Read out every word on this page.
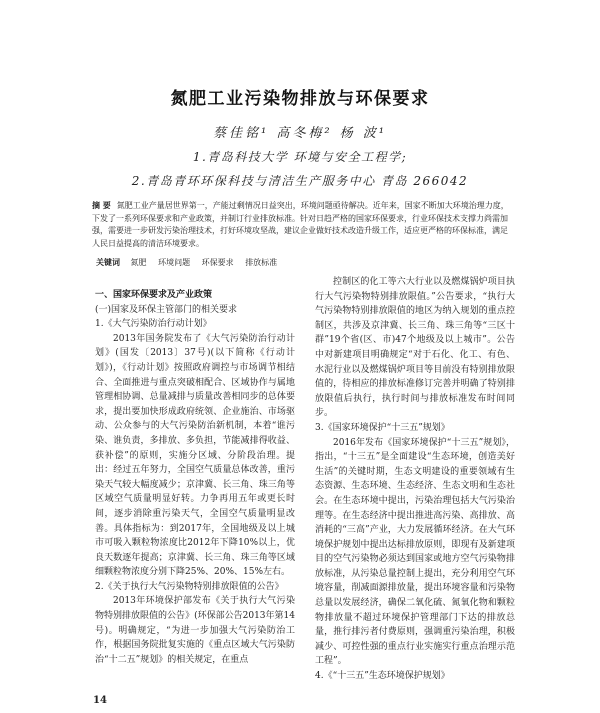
氮肥工业污染物排放与环保要求
蔡佳铭¹ 高冬梅² 杨 波¹
1.青岛科技大学 环境与安全工程学;
2.青岛青环环保科技与清洁生产服务中心 青岛 266042
摘 要 氮肥工业产量居世界第一，产能过剩情况日益突出，环境问题亟待解决。近年来，国家不断加大环境治理力度，下发了一系列环保要求和产业政策，并制订行业排放标准。针对日趋严格的国家环保要求，行业环保技术支撑力尚需加强，需要进一步研发污染治理技术，打好环境攻坚战，建议企业做好技术改造升级工作，适应更严格的环保标准，满足人民日益提高的清洁环境要求。
关键词 氮肥 环境问题 环保要求 排放标准

一、国家环保要求及产业政策

(一)国家及环保主管部门的相关要求

1.《大气污染防治行动计划》

2013年国务院发布了《大气污染防治行动计划》(国发〔2013〕37号)(以下简称《行动计划》)，《行动计划》按照政府调控与市场调节相结合、全面推进与重点突破相配合、区域协作与属地管理相协调、总量减排与质量改善相同步的总体要求，提出要加快形成政府统领、企业施治、市场驱动、公众参与的大气污染防治新机制，本着“谁污染、谁负责，多排放、多负担，节能减排得收益、获补偿”的原则，实施分区域、分阶段治理。提出：经过五年努力，全国空气质量总体改善，重污染天气较大幅度减少；京津冀、长三角、珠三角等区域空气质量明显好转。力争再用五年或更长时间，逐步消除重污染天气，全国空气质量明显改善。具体指标为：到2017年，全国地级及以上城市可吸入颗粒物浓度比2012年下降10%以上，优良天数逐年提高；京津冀、长三角、珠三角等区域细颗粒物浓度分别下降25%、20%、15%左右。

2.《关于执行大气污染物特别排放限值的公告》

2013年环境保护部发布《关于执行大气污染物特别排放限值的公告》(环保部公告2013年第14号)。明确规定，“为进一步加强大气污染防治工作，根据国务院批复实施的《重点区域大气污染防治“十二五”规划》的相关规定，在重点

控制区的化工等六大行业以及燃煤锅炉项目执行大气污染物特别排放限值。”公告要求，“执行大气污染物特别排放限值的地区为纳入规划的重点控制区，共涉及京津冀、长三角、珠三角等“三区十群”19个省(区、市)47个地级及以上城市”。公告中对新建项目明确规定“对于石化、化工、有色、水泥行业以及燃煤锅炉项目等目前没有特别排放限值的，待相应的排放标准修订完善并明确了特别排放限值后执行，执行时间与排放标准发布时间同步。

3.《国家环境保护“十三五”规划》

2016年发布《国家环境保护“十三五”规划》，指出，“十三五”是全面建设“生态环境，创造美好生活”的关键时期，生态文明建设的重要领域有生态资源、生态环境、生态经济、生态文明和生态社会。在生态环境中提出，污染治理包括大气污染治理等。在生态经济中提出推进高污染、高排放、高消耗的“三高”产业，大力发展循环经济。在大气环境保护规划中提出达标排放原则，即现有及新建项目的空气污染物必须达到国家或地方空气污染物排放标准，从污染总量控制上提出，充分利用空气环境容量，削减面源排放量，提出环境容量和污染物总量以发展经济，确保二氧化硫、氮氧化物和颗粒物排放量不超过环境保护管理部门下达的排放总量，推行排污者付费原则，强调重污染治理，积极减少、可控性强的重点行业实施实行重点治理示范工程”。

4.《“十三五”生态环境保护规划》

14
